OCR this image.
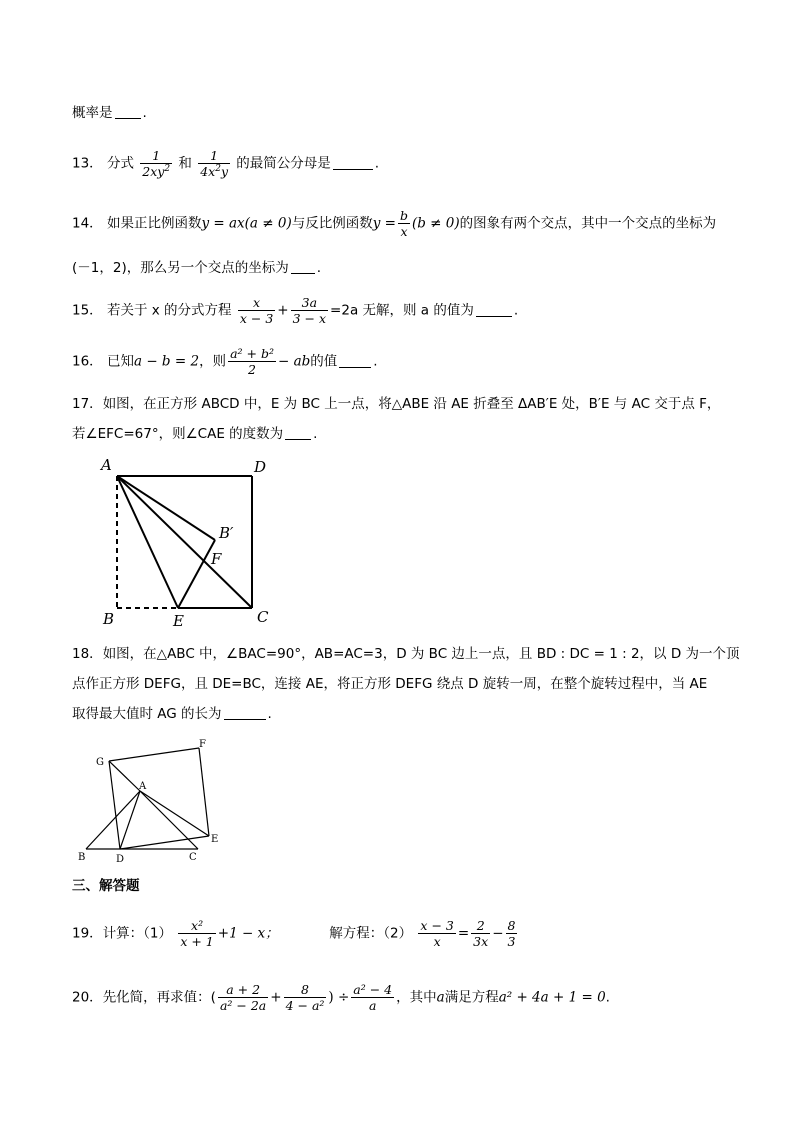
概率是 .
13． 分式 $\frac{1}{2xy^2}$ 和 $\frac{1}{4x^2y}$ 的最简公分母是	.
14． 如果正比例函数y = ax(a ≠ 0)与反比例函数$y = \frac{b}{x} (b \ne 0)$的图象有两个交点，其中一个交点的坐标为
(－1，2)，那么另一个交点的坐标为 .
15． 若关于 x 的分式方程 $\frac{x}{x - 3} + \frac{3a}{3 - x} =2a$ 无解，则 a 的值为	.
16． 已知a − b = 2，则 $\frac{\text{a² + b²}}{2}$ − ab的值	.
17．如图，在正方形 ABCD 中，E 为 BC 上一点，将△ABE 沿 AE 折叠至 ΔAB′E 处，B′E 与 AC 交于点 F，
若∠EFC=67°，则∠CAE 的度数为 .
A	D
B	E	C
F
B′
18．如图，在△ABC 中，∠BAC=90°，AB=AC=3，D 为 BC 边上一点，且 BD : DC = 1 : 2，以 D 为一个顶
点作正方形 DEFG，且 DE=BC，连接 AE，将正方形 DEFG 绕点 D 旋转一周，在整个旋转过程中，当 AE
取得最大值时 AG 的长为	.
G
F
A
E
B	D	C
三、解答题
19．计算：$(1) \frac{\text{x²}}{x + 1} +1 - x$；	解方程：$(2) \frac{x - 3}{x} = \frac{2}{3x} - \frac{8}{3}$
20．先化简，再求值：( $\frac{a + 2}{\text{a² − 2a}} + \frac{8}{\text{4 − a²}}$ ) ÷ $\frac{\text{a² − 4}}{a}$ ，其中a满足方程a² + 4a + 1 = 0.
